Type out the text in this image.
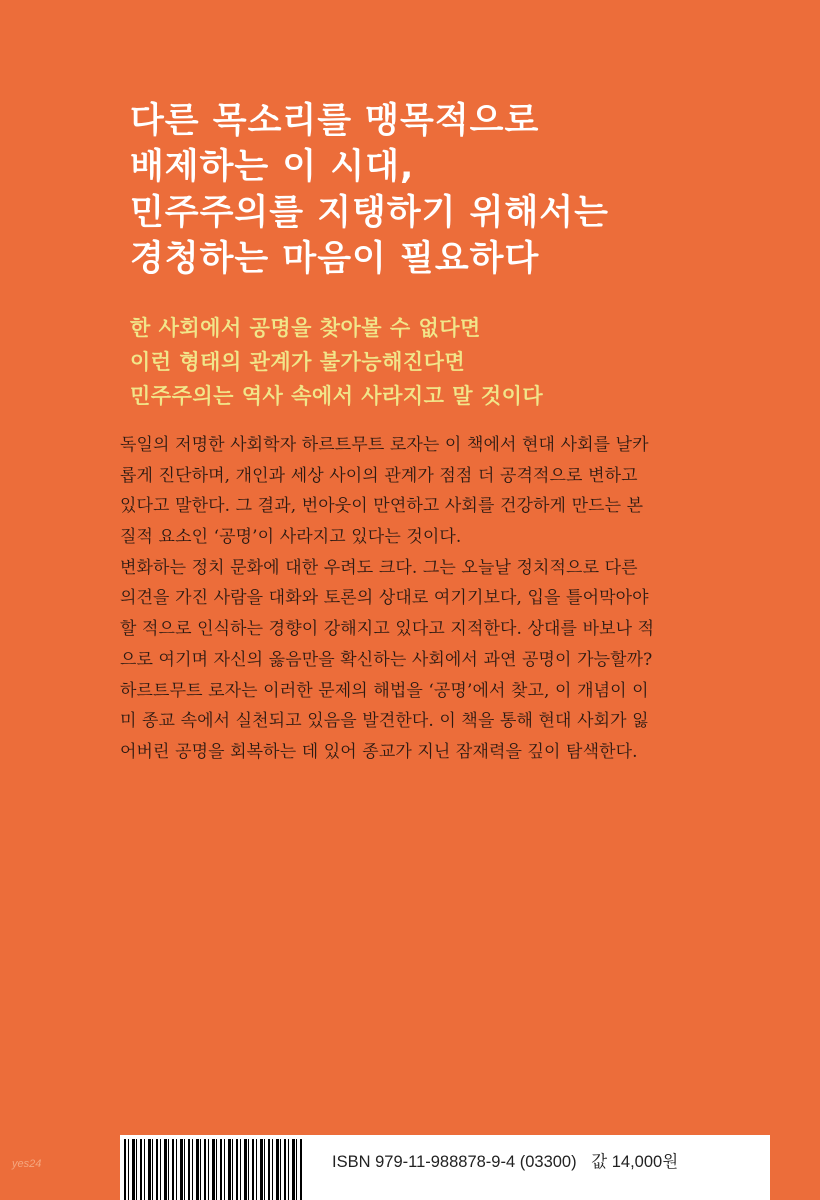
다른 목소리를 맹목적으로
배제하는 이 시대,
민주주의를 지탱하기 위해서는
경청하는 마음이 필요하다
한 사회에서 공명을 찾아볼 수 없다면
이런 형태의 관계가 불가능해진다면
민주주의는 역사 속에서 사라지고 말 것이다
독일의 저명한 사회학자 하르트무트 로자는 이 책에서 현대 사회를 날카
롭게 진단하며, 개인과 세상 사이의 관계가 점점 더 공격적으로 변하고
있다고 말한다. 그 결과, 번아웃이 만연하고 사회를 건강하게 만드는 본
질적 요소인 ‘공명’이 사라지고 있다는 것이다.
변화하는 정치 문화에 대한 우려도 크다. 그는 오늘날 정치적으로 다른
의견을 가진 사람을 대화와 토론의 상대로 여기기보다, 입을 틀어막아야
할 적으로 인식하는 경향이 강해지고 있다고 지적한다. 상대를 바보나 적
으로 여기며 자신의 옳음만을 확신하는 사회에서 과연 공명이 가능할까?
하르트무트 로자는 이러한 문제의 해법을 ‘공명’에서 찾고, 이 개념이 이
미 종교 속에서 실천되고 있음을 발견한다. 이 책을 통해 현대 사회가 잃
어버린 공명을 회복하는 데 있어 종교가 지닌 잠재력을 깊이 탐색한다.
ISBN 979-11-988878-9-4 (03300) 값 14,000원
yes24
